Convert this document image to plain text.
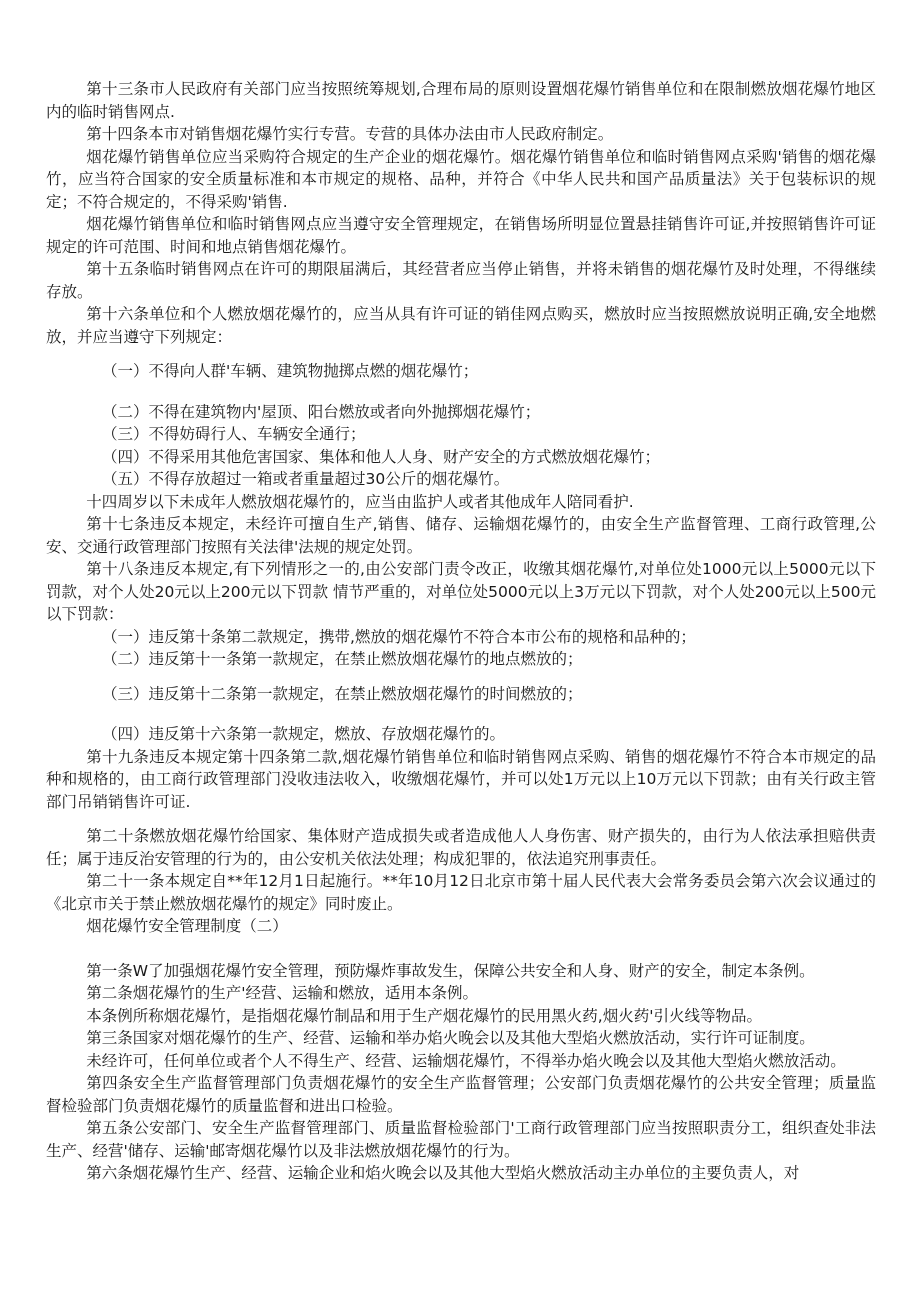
第十三条市人民政府有关部门应当按照统筹规划,合理布局的原则设置烟花爆竹销售单位和在限制燃放烟花爆竹地区内的临时销售网点.

第十四条本市对销售烟花爆竹实行专营。专营的具体办法由市人民政府制定。

烟花爆竹销售单位应当采购符合规定的生产企业的烟花爆竹。烟花爆竹销售单位和临时销售网点采购'销售的烟花爆竹，应当符合国家的安全质量标准和本市规定的规格、品种，并符合《中华人民共和国产品质量法》关于包装标识的规定；不符合规定的，不得采购'销售.

烟花爆竹销售单位和临时销售网点应当遵守安全管理规定，在销售场所明显位置悬挂销售许可证,并按照销售许可证规定的许可范围、时间和地点销售烟花爆竹。

第十五条临时销售网点在许可的期限届满后，其经营者应当停止销售，并将未销售的烟花爆竹及时处理，不得继续存放。

第十六条单位和个人燃放烟花爆竹的，应当从具有许可证的销佳网点购买，燃放时应当按照燃放说明正确,安全地燃放，并应当遵守下列规定：

（一）不得向人群'车辆、建筑物抛掷点燃的烟花爆竹；

（二）不得在建筑物内'屋顶、阳台燃放或者向外抛掷烟花爆竹；

（三）不得妨碍行人、车辆安全通行；

（四）不得采用其他危害国家、集体和他人人身、财产安全的方式燃放烟花爆竹；

（五）不得存放超过一箱或者重量超过30公斤的烟花爆竹。

十四周岁以下未成年人燃放烟花爆竹的，应当由监护人或者其他成年人陪同看护.

第十七条违反本规定，未经许可擅自生产,销售、储存、运输烟花爆竹的，由安全生产监督管理、工商行政管理,公安、交通行政管理部门按照有关法律'法规的规定处罚。

第十八条违反本规定,有下列情形之一的,由公安部门责令改正，收缴其烟花爆竹,对单位处1000元以上5000元以下罚款，对个人处20元以上200元以下罚款 情节严重的，对单位处5000元以上3万元以下罚款，对个人处200元以上500元以下罚款：

（一）违反第十条第二款规定，携带,燃放的烟花爆竹不符合本市公布的规格和品种的；

（二）违反第十一条第一款规定，在禁止燃放烟花爆竹的地点燃放的；

（三）违反第十二条第一款规定，在禁止燃放烟花爆竹的时间燃放的；

（四）违反第十六条第一款规定，燃放、存放烟花爆竹的。

第十九条违反本规定第十四条第二款,烟花爆竹销售单位和临时销售网点采购、销售的烟花爆竹不符合本市规定的品种和规格的，由工商行政管理部门没收违法收入，收缴烟花爆竹，并可以处1万元以上10万元以下罚款；由有关行政主管部门吊销销售许可证.

第二十条燃放烟花爆竹给国家、集体财产造成损失或者造成他人人身伤害、财产损失的，由行为人依法承担赔供责任；属于违反治安管理的行为的，由公安机关依法处理；构成犯罪的，依法追究刑事责任。

第二十一条本规定自**年12月1日起施行。**年10月12日北京市第十届人民代表大会常务委员会第六次会议通过的《北京市关于禁止燃放烟花爆竹的规定》同时废止。

烟花爆竹安全管理制度（二）

第一条W了加强烟花爆竹安全管理，预防爆炸事故发生，保障公共安全和人身、财产的安全，制定本条例。

第二条烟花爆竹的生产'经营、运输和燃放，适用本条例。

本条例所称烟花爆竹，是指烟花爆竹制品和用于生产烟花爆竹的民用黑火药,烟火药'引火线等物品。

第三条国家对烟花爆竹的生产、经营、运输和举办焰火晚会以及其他大型焰火燃放活动，实行许可证制度。

未经许可，任何单位或者个人不得生产、经营、运输烟花爆竹，不得举办焰火晚会以及其他大型焰火燃放活动。

第四条安全生产监督管理部门负责烟花爆竹的安全生产监督管理；公安部门负责烟花爆竹的公共安全管理；质量监督检验部门负责烟花爆竹的质量监督和进出口检验。

第五条公安部门、安全生产监督管理部门、质量监督检验部门'工商行政管理部门应当按照职责分工，组织查处非法生产、经营'储存、运输'邮寄烟花爆竹以及非法燃放烟花爆竹的行为。

第六条烟花爆竹生产、经营、运输企业和焰火晚会以及其他大型焰火燃放活动主办单位的主要负责人，对
